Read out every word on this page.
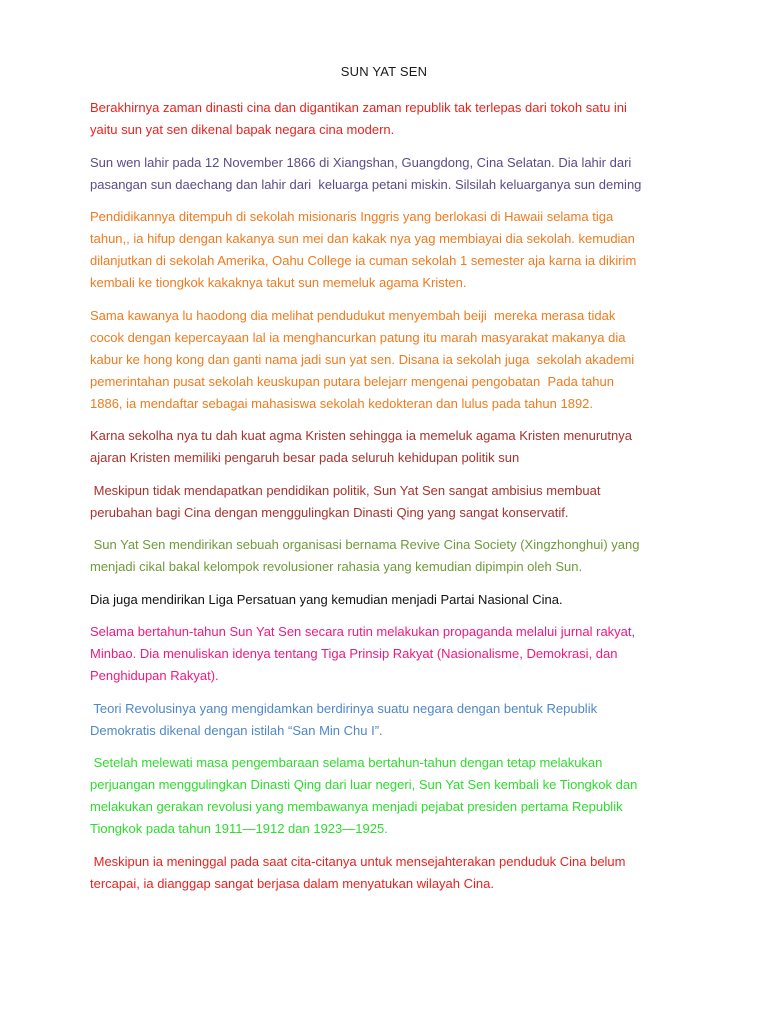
SUN YAT SEN
Berakhirnya zaman dinasti cina dan digantikan zaman republik tak terlepas dari tokoh satu ini
yaitu sun yat sen dikenal bapak negara cina modern.
Sun wen lahir pada 12 November 1866 di Xiangshan, Guangdong, Cina Selatan. Dia lahir dari
pasangan sun daechang dan lahir dari  keluarga petani miskin. Silsilah keluarganya sun deming
Pendidikannya ditempuh di sekolah misionaris Inggris yang berlokasi di Hawaii selama tiga
tahun,, ia hifup dengan kakanya sun mei dan kakak nya yag membiayai dia sekolah. kemudian
dilanjutkan di sekolah Amerika, Oahu College ia cuman sekolah 1 semester aja karna ia dikirim
kembali ke tiongkok kakaknya takut sun memeluk agama Kristen.
Sama kawanya lu haodong dia melihat pendudukut menyembah beiji  mereka merasa tidak
cocok dengan kepercayaan lal ia menghancurkan patung itu marah masyarakat makanya dia
kabur ke hong kong dan ganti nama jadi sun yat sen. Disana ia sekolah juga  sekolah akademi
pemerintahan pusat sekolah keuskupan putara belejarr mengenai pengobatan  Pada tahun
1886, ia mendaftar sebagai mahasiswa sekolah kedokteran dan lulus pada tahun 1892.
Karna sekolha nya tu dah kuat agma Kristen sehingga ia memeluk agama Kristen menurutnya
ajaran Kristen memiliki pengaruh besar pada seluruh kehidupan politik sun
Meskipun tidak mendapatkan pendidikan politik, Sun Yat Sen sangat ambisius membuat
perubahan bagi Cina dengan menggulingkan Dinasti Qing yang sangat konservatif.
Sun Yat Sen mendirikan sebuah organisasi bernama Revive Cina Society (Xingzhonghui) yang
menjadi cikal bakal kelompok revolusioner rahasia yang kemudian dipimpin oleh Sun.
Dia juga mendirikan Liga Persatuan yang kemudian menjadi Partai Nasional Cina.
Selama bertahun-tahun Sun Yat Sen secara rutin melakukan propaganda melalui jurnal rakyat,
Minbao. Dia menuliskan idenya tentang Tiga Prinsip Rakyat (Nasionalisme, Demokrasi, dan
Penghidupan Rakyat).
Teori Revolusinya yang mengidamkan berdirinya suatu negara dengan bentuk Republik
Demokratis dikenal dengan istilah “San Min Chu I”.
Setelah melewati masa pengembaraan selama bertahun-tahun dengan tetap melakukan
perjuangan menggulingkan Dinasti Qing dari luar negeri, Sun Yat Sen kembali ke Tiongkok dan
melakukan gerakan revolusi yang membawanya menjadi pejabat presiden pertama Republik
Tiongkok pada tahun 1911—1912 dan 1923—1925.
Meskipun ia meninggal pada saat cita-citanya untuk mensejahterakan penduduk Cina belum
tercapai, ia dianggap sangat berjasa dalam menyatukan wilayah Cina.
